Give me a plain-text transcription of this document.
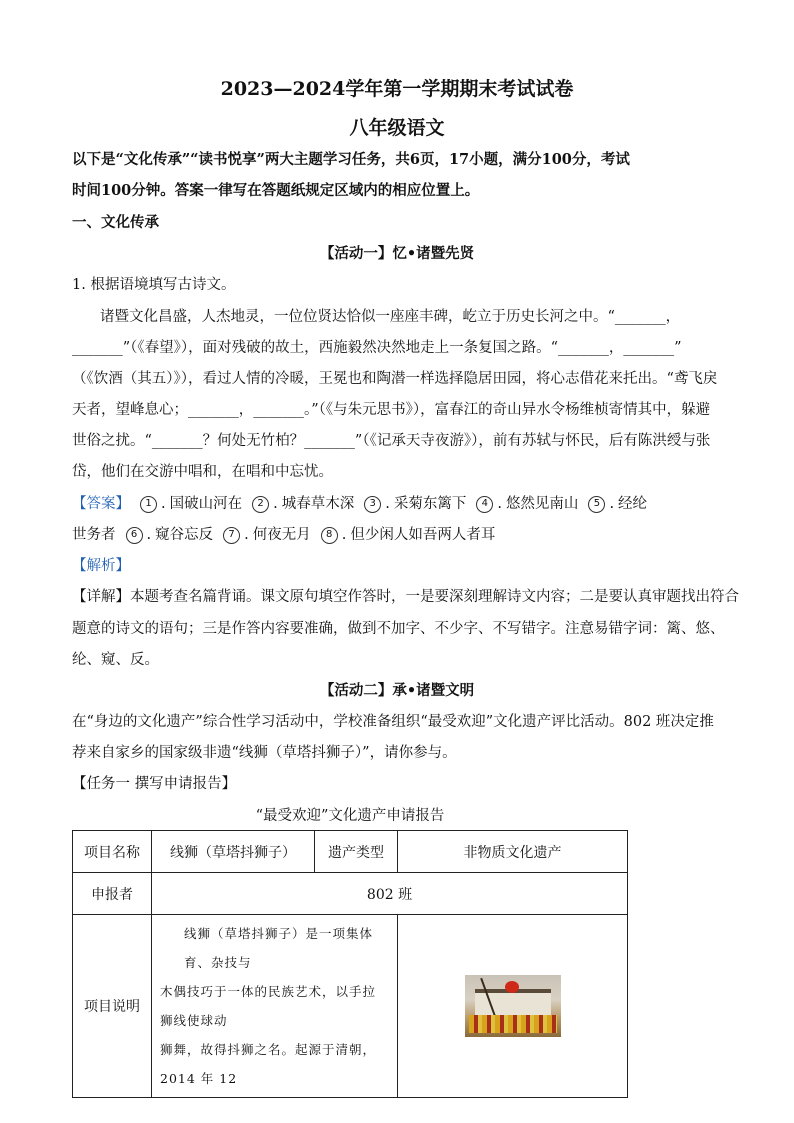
2023—2024学年第一学期期末考试试卷
八年级语文
以下是“文化传承”“读书悦享”两大主题学习任务，共6页，17小题，满分100分，考试
时间100分钟。答案一律写在答题纸规定区域内的相应位置上。
一、文化传承
【活动一】忆•诸暨先贤
1. 根据语境填写古诗文。
诸暨文化昌盛，人杰地灵，一位位贤达恰似一座座丰碑，屹立于历史长河之中。“_______，
_______”（《春望》），面对残破的故土，西施毅然决然地走上一条复国之路。“_______，_______”
（《饮酒（其五）》），看过人情的冷暖，王冕也和陶潜一样选择隐居田园，将心志借花来托出。“鸢飞戾
天者，望峰息心；_______，_______。”（《与朱元思书》），富春江的奇山异水令杨维桢寄情其中，躲避
世俗之扰。“_______？何处无竹柏？_______”（《记承天寺夜游》），前有苏轼与怀民，后有陈洪绶与张
岱，他们在交游中唱和，在唱和中忘忧。
【答案】	1 . 国破山河在	2 . 城春草木深	3 . 采菊东篱下	4 . 悠然见南山	5 . 经纶
世务者	6 . 窥谷忘反	7 . 何夜无月	8 . 但少闲人如吾两人者耳
【解析】
【详解】本题考查名篇背诵。课文原句填空作答时，一是要深刻理解诗文内容；二是要认真审题找出符合
题意的诗文的语句；三是作答内容要准确，做到不加字、不少字、不写错字。注意易错字词：篱、悠、
纶、窥、反。
【活动二】承•诸暨文明
在“身边的文化遗产”综合性学习活动中，学校准备组织“最受欢迎”文化遗产评比活动。802 班决定推
荐来自家乡的国家级非遗“线狮（草塔抖狮子）”，请你参与。
【任务一 撰写申请报告】
“最受欢迎”文化遗产申请报告
项目名称	线狮（草塔抖狮子）	遗产类型	非物质文化遗产
申报者	802 班		
项目说明	线狮（草塔抖狮子）是一项集体育、杂技与
木偶技巧于一体的民族艺术，以手拉狮线使球动
狮舞，故得抖狮之名。起源于清朝，2014 年 12		
